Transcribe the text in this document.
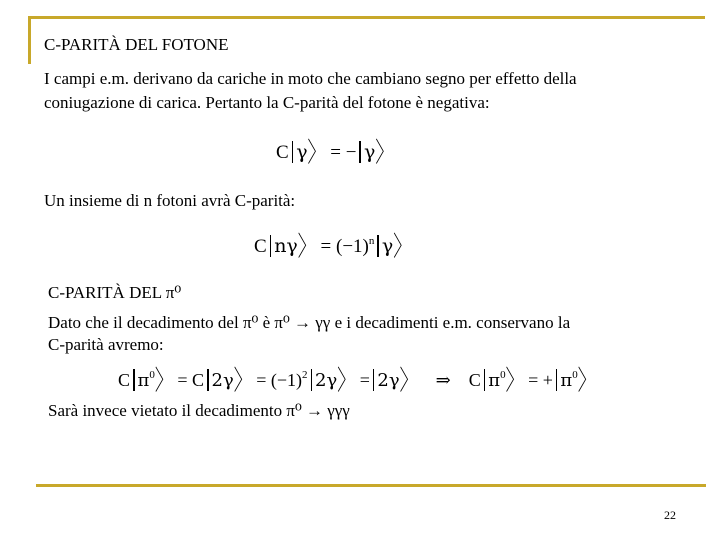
C-PARITÀ DEL FOTONE
I campi e.m. derivano da cariche in moto che cambiano segno per effetto della
coniugazione di carica. Pertanto la C-parità del fotone è negativa:
C γ〉 = − γ〉
Un insieme di n fotoni avrà C-parità:
C nγ〉 = $(-1)^n$ γ〉
C-PARITÀ DEL π⁰
Dato che il decadimento del π⁰ è π⁰ → γγ e i decadimenti e.m. conservano la
C-parità avremo:
C $\pi^0$〉 = C 2γ〉 = $(-1)^2$ 2γ〉 = 2γ〉 ⇒ C $\pi^0$〉 = + $\pi^0$〉
Sarà invece vietato il decadimento π⁰ → γγγ
22
